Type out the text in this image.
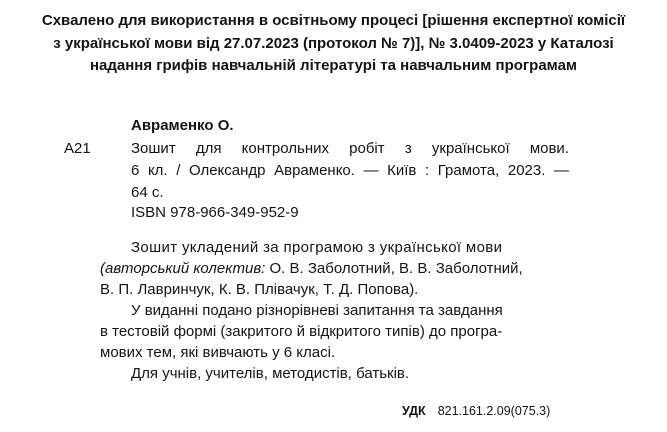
Схвалено для використання в освітньому процесі [рішення експертної комісії
з української мови від 27.07.2023 (протокол № 7)], № 3.0409-2023 у Каталозі
надання грифів навчальній літературі та навчальним програмам
Авраменко О.
А21	Зошит для контрольних робіт з української мови.
6 кл. / Олександр Авраменко. — Київ : Грамота, 2023. —
64 с.
ISBN 978-966-349-952-9
Зошит укладений за програмою з української мови
(авторський колектив: О. В. Заболотний, В. В. Заболотний,
В. П. Лавринчук, К. В. Плівачук, Т. Д. Попова).
У виданні подано різнорівневі запитання та завдання
в тестовій формі (закритого й відкритого типів) до програ-
мових тем, які вивчають у 6 класі.
Для учнів, учителів, методистів, батьків.
УДК 821.161.2.09(075.3)
